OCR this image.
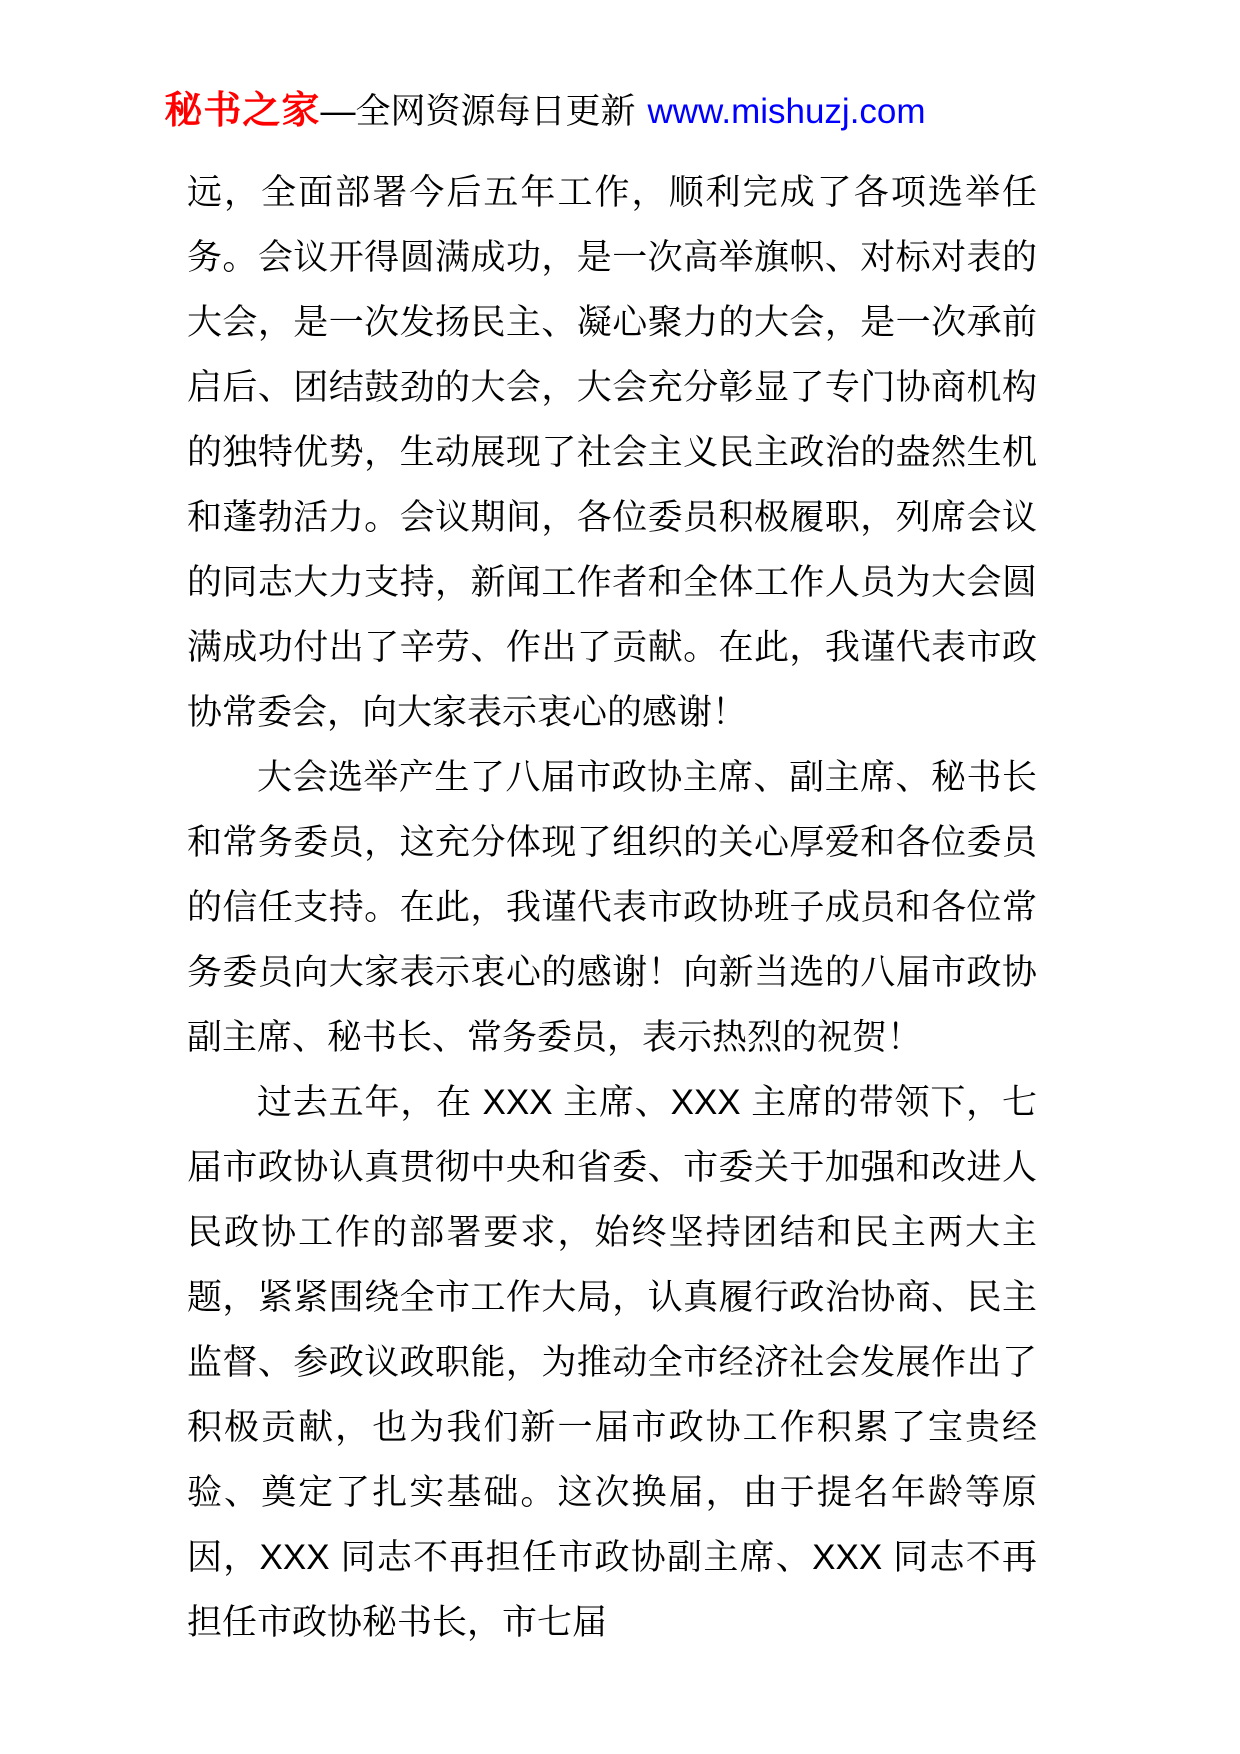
秘书之家—全网资源每日更新 www.mishuzj.com

远，全面部署今后五年工作，顺利完成了各项选举任务。会议开得圆满成功，是一次高举旗帜、对标对表的大会，是一次发扬民主、凝心聚力的大会，是一次承前启后、团结鼓劲的大会，大会充分彰显了专门协商机构的独特优势，生动展现了社会主义民主政治的盎然生机和蓬勃活力。会议期间，各位委员积极履职，列席会议的同志大力支持，新闻工作者和全体工作人员为大会圆满成功付出了辛劳、作出了贡献。在此，我谨代表市政协常委会，向大家表示衷心的感谢！

大会选举产生了八届市政协主席、副主席、秘书长和常务委员，这充分体现了组织的关心厚爱和各位委员的信任支持。在此，我谨代表市政协班子成员和各位常务委员向大家表示衷心的感谢！向新当选的八届市政协副主席、秘书长、常务委员，表示热烈的祝贺！

过去五年，在 XXX 主席、XXX 主席的带领下，七届市政协认真贯彻中央和省委、市委关于加强和改进人民政协工作的部署要求，始终坚持团结和民主两大主题，紧紧围绕全市工作大局，认真履行政治协商、民主监督、参政议政职能，为推动全市经济社会发展作出了积极贡献，也为我们新一届市政协工作积累了宝贵经验、奠定了扎实基础。这次换届，由于提名年龄等原因，XXX 同志不再担任市政协副主席、XXX 同志不再担任市政协秘书长，市七届
